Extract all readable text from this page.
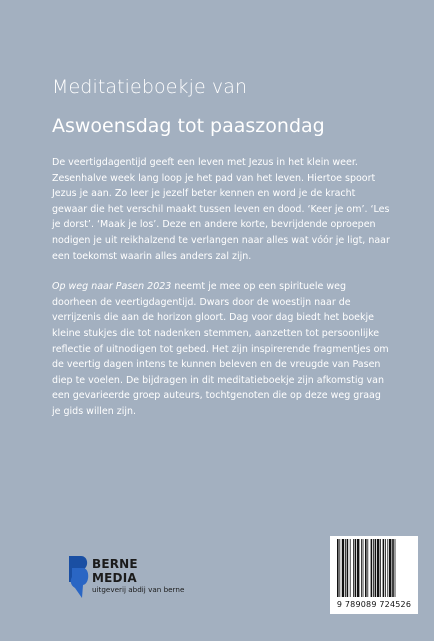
Meditatieboekje van
Aswoensdag tot paaszondag

De veertigdagentijd geeft een leven met Jezus in het klein weer. Zesenhalve week lang loop je het pad van het leven. Hiertoe spoort Jezus je aan. Zo leer je jezelf beter kennen en word je de kracht gewaar die het verschil maakt tussen leven en dood. ‘Keer je om’. ‘Les je dorst’. ‘Maak je los’. Deze en andere korte, bevrijdende oproepen nodigen je uit reikhalzend te verlangen naar alles wat vóór je ligt, naar een toekomst waarin alles anders zal zijn.

Op weg naar Pasen 2023 neemt je mee op een spirituele weg doorheen de veertigdagentijd. Dwars door de woestijn naar de verrijzenis die aan de horizon gloort. Dag voor dag biedt het boekje kleine stukjes die tot nadenken stemmen, aanzetten tot persoonlijke reflectie of uitnodigen tot gebed. Het zijn inspirerende fragmentjes om de veertig dagen intens te kunnen beleven en de vreugde van Pasen diep te voelen. De bijdragen in dit meditatieboekje zijn afkomstig van een gevarieerde groep auteurs, tochtgenoten die op deze weg graag je gids willen zijn.

BERNE
MEDIA
uitgeverij abdij van berne
9 789089 724526
